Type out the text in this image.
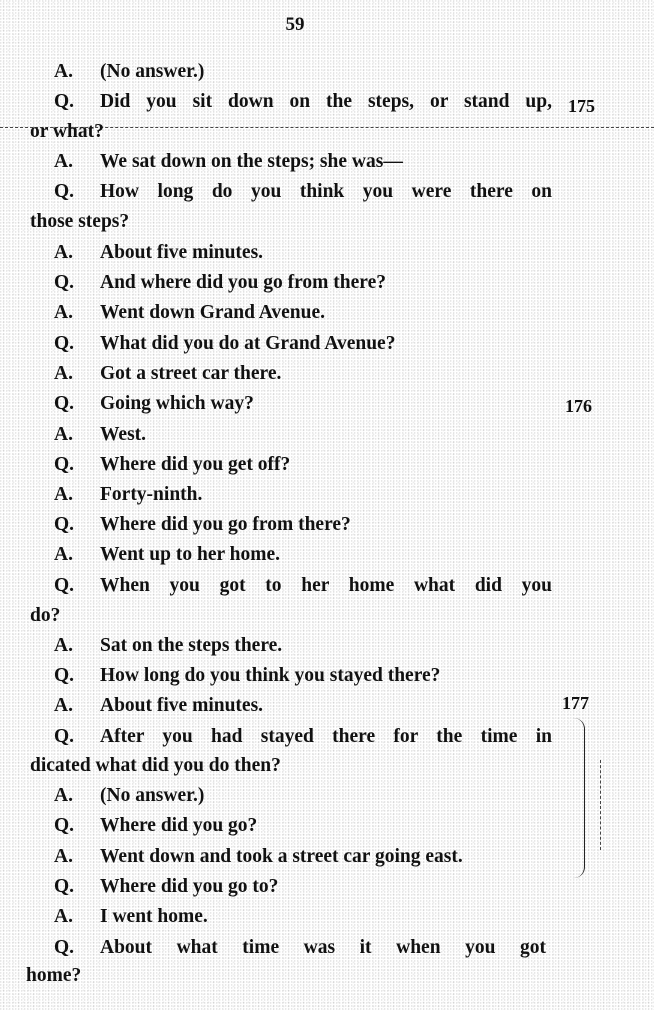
59
A. (No answer.)
Q. Did you sit down on the steps, or stand up,
or what?
A. We sat down on the steps; she was—
Q. How long do you think you were there on
those steps?
A. About five minutes.
Q. And where did you go from there?
A. Went down Grand Avenue.
Q. What did you do at Grand Avenue?
A. Got a street car there.
Q. Going which way?
A. West.
Q. Where did you get off?
A. Forty-ninth.
Q. Where did you go from there?
A. Went up to her home.
Q. When you got to her home what did you
do?
A. Sat on the steps there.
Q. How long do you think you stayed there?
A. About five minutes.
Q. After you had stayed there for the time in
dicated what did you do then?
A. (No answer.)
Q. Where did you go?
A. Went down and took a street car going east.
Q. Where did you go to?
A. I went home.
Q. About what time was it when you got
home?
175
176
177
